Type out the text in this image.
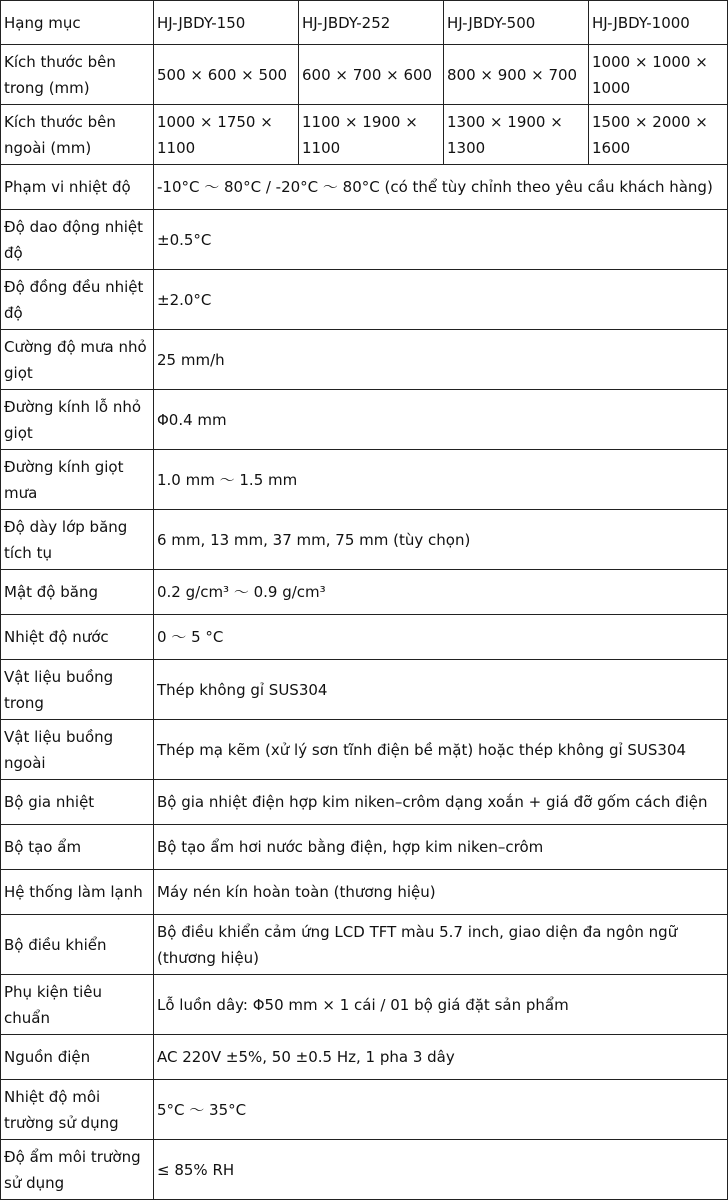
Hạng mục	HJ-JBDY-150	HJ-JBDY-252	HJ-JBDY-500	HJ-JBDY-1000
Kích thước bên trong (mm)	500 × 600 × 500	600 × 700 × 600	800 × 900 × 700	1000 × 1000 × 1000
Kích thước bên ngoài (mm)	1000 × 1750 × 1100	1100 × 1900 × 1100	1300 × 1900 × 1300	1500 × 2000 × 1600
Phạm vi nhiệt độ	-10°C ～ 80°C / -20°C ～ 80°C (có thể tùy chỉnh theo yêu cầu khách hàng)			
Độ dao động nhiệt độ	±0.5°C			
Độ đồng đều nhiệt độ	±2.0°C			
Cường độ mưa nhỏ giọt	25 mm/h			
Đường kính lỗ nhỏ giọt	Φ0.4 mm			
Đường kính giọt mưa	1.0 mm ～ 1.5 mm			
Độ dày lớp băng tích tụ	6 mm, 13 mm, 37 mm, 75 mm (tùy chọn)			
Mật độ băng	0.2 g/cm³ ～ 0.9 g/cm³			
Nhiệt độ nước	0 ～ 5 °C			
Vật liệu buồng trong	Thép không gỉ SUS304			
Vật liệu buồng ngoài	Thép mạ kẽm (xử lý sơn tĩnh điện bề mặt) hoặc thép không gỉ SUS304			
Bộ gia nhiệt	Bộ gia nhiệt điện hợp kim niken–crôm dạng xoắn + giá đỡ gốm cách điện			
Bộ tạo ẩm	Bộ tạo ẩm hơi nước bằng điện, hợp kim niken–crôm			
Hệ thống làm lạnh	Máy nén kín hoàn toàn (thương hiệu)			
Bộ điều khiển	Bộ điều khiển cảm ứng LCD TFT màu 5.7 inch, giao diện đa ngôn ngữ (thương hiệu)			
Phụ kiện tiêu chuẩn	Lỗ luồn dây: Φ50 mm × 1 cái / 01 bộ giá đặt sản phẩm			
Nguồn điện	AC 220V ±5%, 50 ±0.5 Hz, 1 pha 3 dây			
Nhiệt độ môi trường sử dụng	5°C ～ 35°C			
Độ ẩm môi trường sử dụng	≤ 85% RH			
